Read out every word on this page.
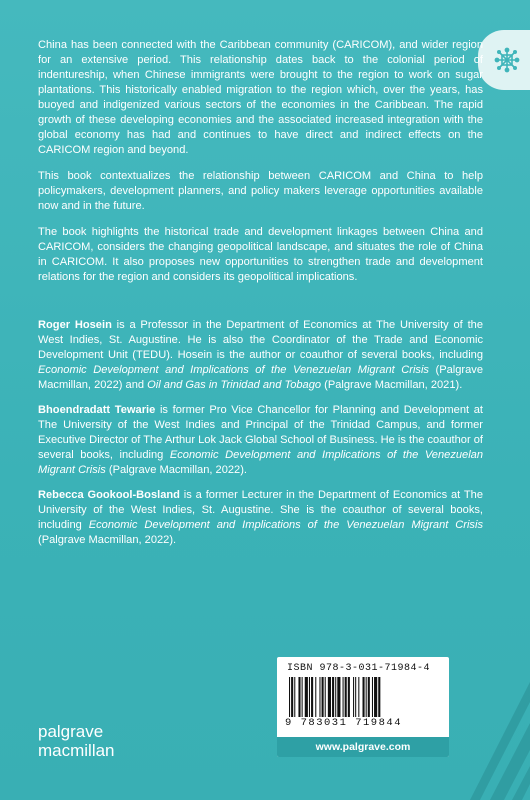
China has been connected with the Caribbean community (CARICOM), and wider region for an extensive period. This relationship dates back to the colonial period of indentureship, when Chinese immigrants were brought to the region to work on sugar plantations. This historically enabled migration to the region which, over the years, has buoyed and indigenized various sectors of the economies in the Caribbean. The rapid growth of these developing economies and the associated increased integration with the global economy has had and continues to have direct and indirect effects on the CARICOM region and beyond.

This book contextualizes the relationship between CARICOM and China to help policymakers, development planners, and policy makers leverage opportunities available now and in the future.

The book highlights the historical trade and development linkages between China and CARICOM, considers the changing geopolitical landscape, and situates the role of China in CARICOM. It also proposes new opportunities to strengthen trade and development relations for the region and considers its geopolitical implications.

Roger Hosein is a Professor in the Department of Economics at The University of the West Indies, St. Augustine. He is also the Coordinator of the Trade and Economic Development Unit (TEDU). Hosein is the author or coauthor of several books, including Economic Development and Implications of the Venezuelan Migrant Crisis (Palgrave Macmillan, 2022) and Oil and Gas in Trinidad and Tobago (Palgrave Macmillan, 2021).

Bhoendradatt Tewarie is former Pro Vice Chancellor for Planning and Development at The University of the West Indies and Principal of the Trinidad Campus, and former Executive Director of The Arthur Lok Jack Global School of Business. He is the coauthor of several books, including Economic Development and Implications of the Venezuelan Migrant Crisis (Palgrave Macmillan, 2022).

Rebecca Gookool-Bosland is a former Lecturer in the Department of Economics at The University of the West Indies, St. Augustine. She is the coauthor of several books, including Economic Development and Implications of the Venezuelan Migrant Crisis (Palgrave Macmillan, 2022).

ISBN 978-3-031-71984-4
9 783031 719844
www.palgrave.com
palgrave
macmillan
